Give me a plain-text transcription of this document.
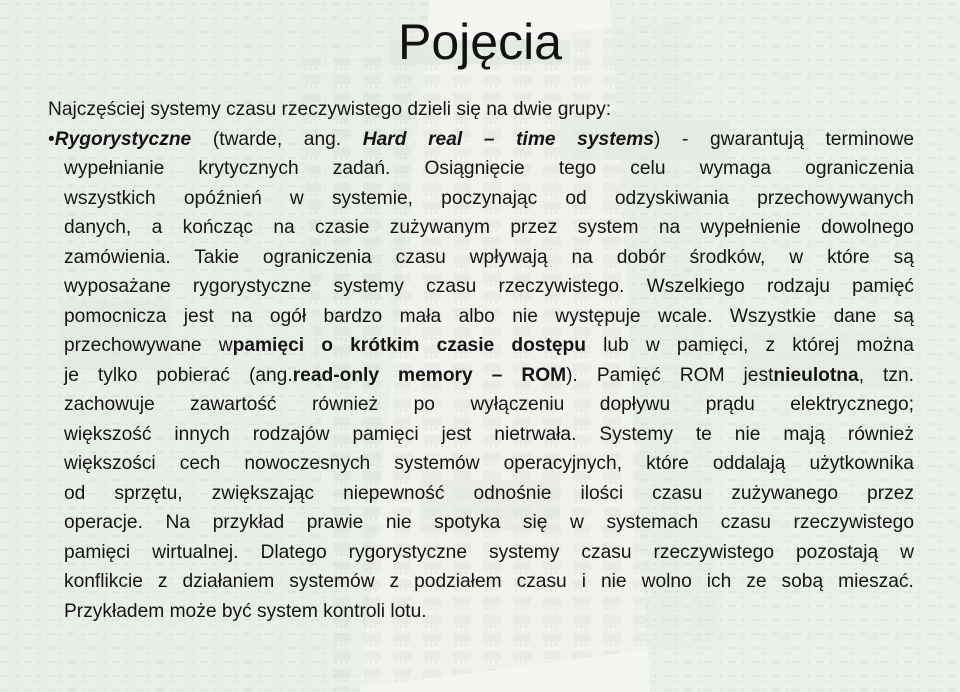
Pojęcia
Najczęściej systemy czasu rzeczywistego dzieli się na dwie grupy:
•Rygorystyczne (twarde, ang. Hard real – time systems) - gwarantują terminowe
wypełnianie krytycznych zadań. Osiągnięcie tego celu wymaga ograniczenia
wszystkich opóźnień w systemie, poczynając od odzyskiwania przechowywanych
danych, a kończąc na czasie zużywanym przez system na wypełnienie dowolnego
zamówienia. Takie ograniczenia czasu wpływają na dobór środków, w które są
wyposażane rygorystyczne systemy czasu rzeczywistego. Wszelkiego rodzaju pamięć
pomocnicza jest na ogół bardzo mała albo nie występuje wcale. Wszystkie dane są
przechowywane wpamięci o krótkim czasie dostępu lub w pamięci, z której można
je tylko pobierać (ang.read-only memory – ROM). Pamięć ROM jestnieulotna, tzn.
zachowuje zawartość również po wyłączeniu dopływu prądu elektrycznego;
większość innych rodzajów pamięci jest nietrwała. Systemy te nie mają również
większości cech nowoczesnych systemów operacyjnych, które oddalają użytkownika
od sprzętu, zwiększając niepewność odnośnie ilości czasu zużywanego przez
operacje. Na przykład prawie nie spotyka się w systemach czasu rzeczywistego
pamięci wirtualnej. Dlatego rygorystyczne systemy czasu rzeczywistego pozostają w
konflikcie z działaniem systemów z podziałem czasu i nie wolno ich ze sobą mieszać.
Przykładem może być system kontroli lotu.
